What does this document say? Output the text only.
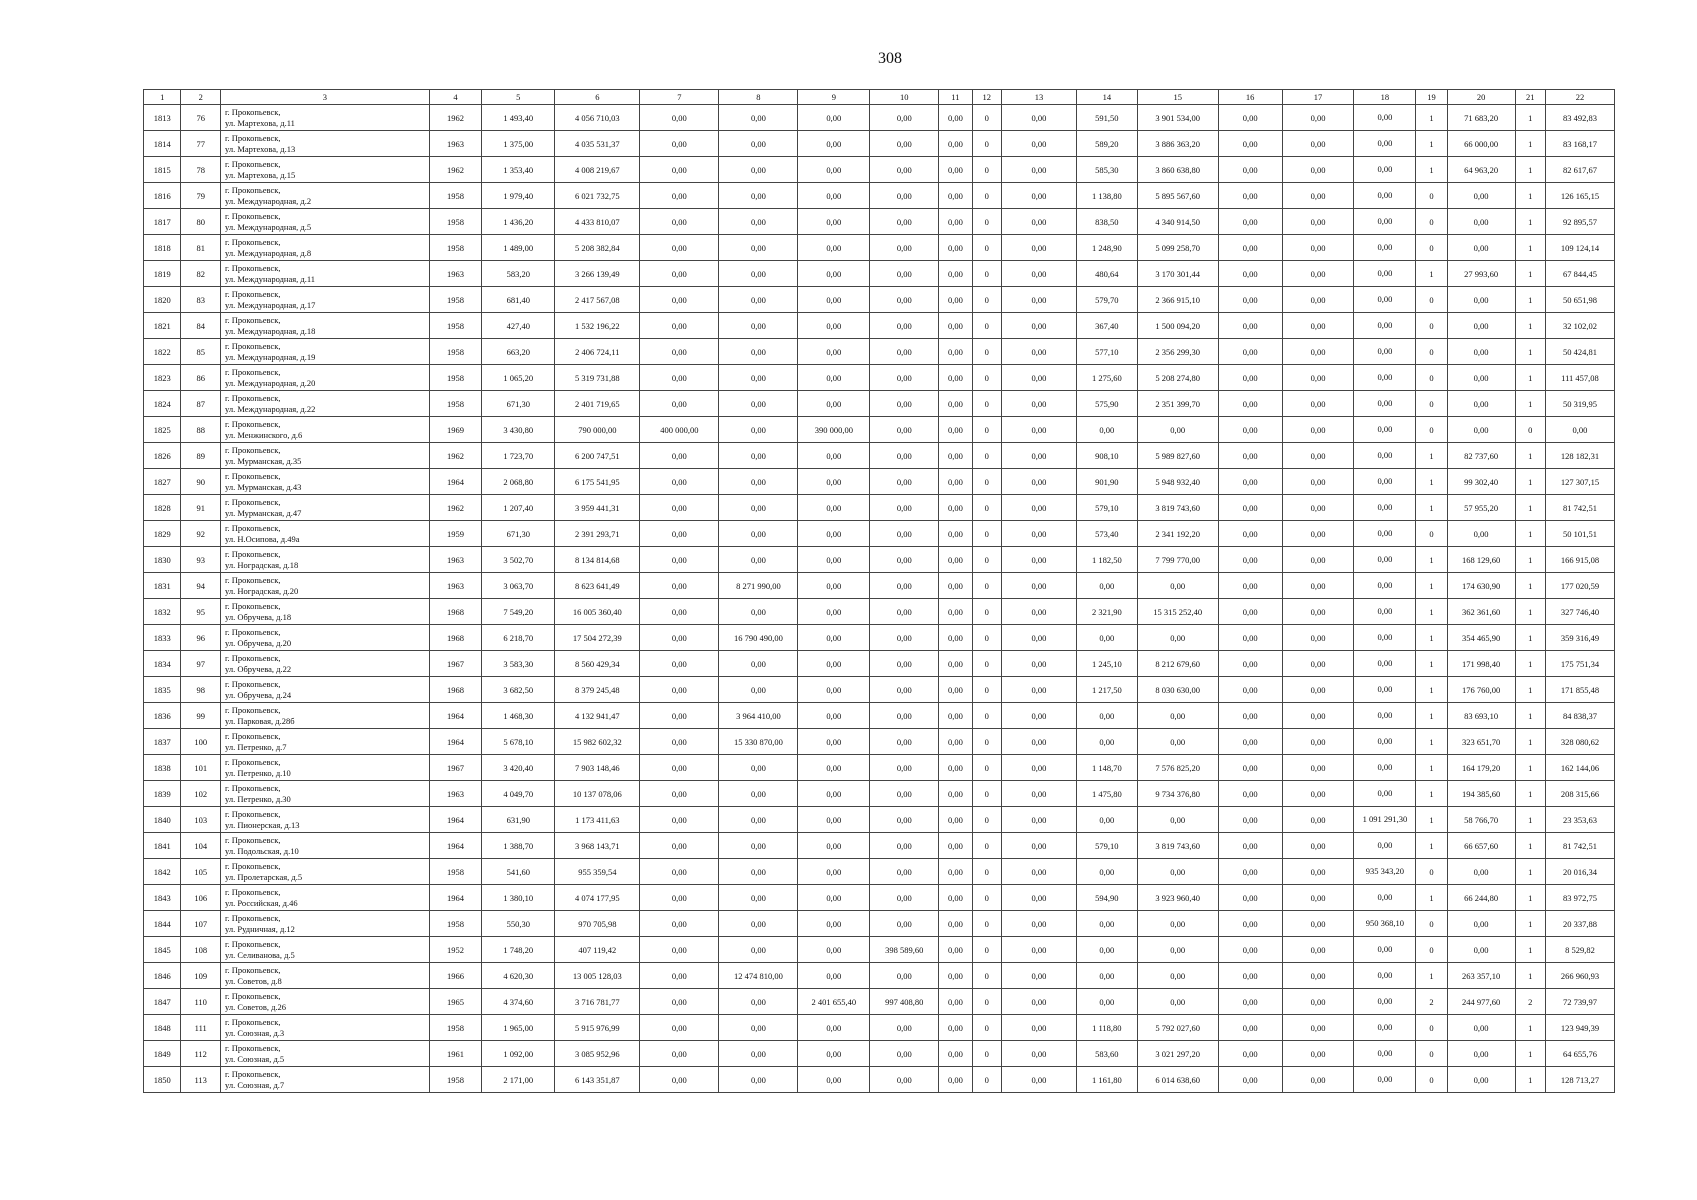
308
1	2	3	4	5	6	7	8	9	10	11	12	13	14	15	16	17	18	19	20	21	22
1813	76	г. Прокопьевск,
ул. Мартехова, д.11	1962	1 493,40	4 056 710,03	0,00	0,00	0,00	0,00	0,00	0	0,00	591,50	3 901 534,00	0,00	0,00	0,00	1	71 683,20	1	83 492,83
1814	77	г. Прокопьевск,
ул. Мартехова, д.13	1963	1 375,00	4 035 531,37	0,00	0,00	0,00	0,00	0,00	0	0,00	589,20	3 886 363,20	0,00	0,00	0,00	1	66 000,00	1	83 168,17
1815	78	г. Прокопьевск,
ул. Мартехова, д.15	1962	1 353,40	4 008 219,67	0,00	0,00	0,00	0,00	0,00	0	0,00	585,30	3 860 638,80	0,00	0,00	0,00	1	64 963,20	1	82 617,67
1816	79	г. Прокопьевск,
ул. Международная, д.2	1958	1 979,40	6 021 732,75	0,00	0,00	0,00	0,00	0,00	0	0,00	1 138,80	5 895 567,60	0,00	0,00	0,00	0	0,00	1	126 165,15
1817	80	г. Прокопьевск,
ул. Международная, д.5	1958	1 436,20	4 433 810,07	0,00	0,00	0,00	0,00	0,00	0	0,00	838,50	4 340 914,50	0,00	0,00	0,00	0	0,00	1	92 895,57
1818	81	г. Прокопьевск,
ул. Международная, д.8	1958	1 489,00	5 208 382,84	0,00	0,00	0,00	0,00	0,00	0	0,00	1 248,90	5 099 258,70	0,00	0,00	0,00	0	0,00	1	109 124,14
1819	82	г. Прокопьевск,
ул. Международная, д.11	1963	583,20	3 266 139,49	0,00	0,00	0,00	0,00	0,00	0	0,00	480,64	3 170 301,44	0,00	0,00	0,00	1	27 993,60	1	67 844,45
1820	83	г. Прокопьевск,
ул. Международная, д.17	1958	681,40	2 417 567,08	0,00	0,00	0,00	0,00	0,00	0	0,00	579,70	2 366 915,10	0,00	0,00	0,00	0	0,00	1	50 651,98
1821	84	г. Прокопьевск,
ул. Международная, д.18	1958	427,40	1 532 196,22	0,00	0,00	0,00	0,00	0,00	0	0,00	367,40	1 500 094,20	0,00	0,00	0,00	0	0,00	1	32 102,02
1822	85	г. Прокопьевск,
ул. Международная, д.19	1958	663,20	2 406 724,11	0,00	0,00	0,00	0,00	0,00	0	0,00	577,10	2 356 299,30	0,00	0,00	0,00	0	0,00	1	50 424,81
1823	86	г. Прокопьевск,
ул. Международная, д.20	1958	1 065,20	5 319 731,88	0,00	0,00	0,00	0,00	0,00	0	0,00	1 275,60	5 208 274,80	0,00	0,00	0,00	0	0,00	1	111 457,08
1824	87	г. Прокопьевск,
ул. Международная, д.22	1958	671,30	2 401 719,65	0,00	0,00	0,00	0,00	0,00	0	0,00	575,90	2 351 399,70	0,00	0,00	0,00	0	0,00	1	50 319,95
1825	88	г. Прокопьевск,
ул. Менжинского, д.6	1969	3 430,80	790 000,00	400 000,00	0,00	390 000,00	0,00	0,00	0	0,00	0,00	0,00	0,00	0,00	0,00	0	0,00	0	0,00
1826	89	г. Прокопьевск,
ул. Мурманская, д.35	1962	1 723,70	6 200 747,51	0,00	0,00	0,00	0,00	0,00	0	0,00	908,10	5 989 827,60	0,00	0,00	0,00	1	82 737,60	1	128 182,31
1827	90	г. Прокопьевск,
ул. Мурманская, д.43	1964	2 068,80	6 175 541,95	0,00	0,00	0,00	0,00	0,00	0	0,00	901,90	5 948 932,40	0,00	0,00	0,00	1	99 302,40	1	127 307,15
1828	91	г. Прокопьевск,
ул. Мурманская, д.47	1962	1 207,40	3 959 441,31	0,00	0,00	0,00	0,00	0,00	0	0,00	579,10	3 819 743,60	0,00	0,00	0,00	1	57 955,20	1	81 742,51
1829	92	г. Прокопьевск,
ул. Н.Осипова, д.49а	1959	671,30	2 391 293,71	0,00	0,00	0,00	0,00	0,00	0	0,00	573,40	2 341 192,20	0,00	0,00	0,00	0	0,00	1	50 101,51
1830	93	г. Прокопьевск,
ул. Ноградская, д.18	1963	3 502,70	8 134 814,68	0,00	0,00	0,00	0,00	0,00	0	0,00	1 182,50	7 799 770,00	0,00	0,00	0,00	1	168 129,60	1	166 915,08
1831	94	г. Прокопьевск,
ул. Ноградская, д.20	1963	3 063,70	8 623 641,49	0,00	8 271 990,00	0,00	0,00	0,00	0	0,00	0,00	0,00	0,00	0,00	0,00	1	174 630,90	1	177 020,59
1832	95	г. Прокопьевск,
ул. Обручева, д.18	1968	7 549,20	16 005 360,40	0,00	0,00	0,00	0,00	0,00	0	0,00	2 321,90	15 315 252,40	0,00	0,00	0,00	1	362 361,60	1	327 746,40
1833	96	г. Прокопьевск,
ул. Обручева, д.20	1968	6 218,70	17 504 272,39	0,00	16 790 490,00	0,00	0,00	0,00	0	0,00	0,00	0,00	0,00	0,00	0,00	1	354 465,90	1	359 316,49
1834	97	г. Прокопьевск,
ул. Обручева, д.22	1967	3 583,30	8 560 429,34	0,00	0,00	0,00	0,00	0,00	0	0,00	1 245,10	8 212 679,60	0,00	0,00	0,00	1	171 998,40	1	175 751,34
1835	98	г. Прокопьевск,
ул. Обручева, д.24	1968	3 682,50	8 379 245,48	0,00	0,00	0,00	0,00	0,00	0	0,00	1 217,50	8 030 630,00	0,00	0,00	0,00	1	176 760,00	1	171 855,48
1836	99	г. Прокопьевск,
ул. Парковая, д.28б	1964	1 468,30	4 132 941,47	0,00	3 964 410,00	0,00	0,00	0,00	0	0,00	0,00	0,00	0,00	0,00	0,00	1	83 693,10	1	84 838,37
1837	100	г. Прокопьевск,
ул. Петренко, д.7	1964	5 678,10	15 982 602,32	0,00	15 330 870,00	0,00	0,00	0,00	0	0,00	0,00	0,00	0,00	0,00	0,00	1	323 651,70	1	328 080,62
1838	101	г. Прокопьевск,
ул. Петренко, д.10	1967	3 420,40	7 903 148,46	0,00	0,00	0,00	0,00	0,00	0	0,00	1 148,70	7 576 825,20	0,00	0,00	0,00	1	164 179,20	1	162 144,06
1839	102	г. Прокопьевск,
ул. Петренко, д.30	1963	4 049,70	10 137 078,06	0,00	0,00	0,00	0,00	0,00	0	0,00	1 475,80	9 734 376,80	0,00	0,00	0,00	1	194 385,60	1	208 315,66
1840	103	г. Прокопьевск,
ул. Пионерская, д.13	1964	631,90	1 173 411,63	0,00	0,00	0,00	0,00	0,00	0	0,00	0,00	0,00	0,00	0,00	1 091 291,30	1	58 766,70	1	23 353,63
1841	104	г. Прокопьевск,
ул. Подольская, д.10	1964	1 388,70	3 968 143,71	0,00	0,00	0,00	0,00	0,00	0	0,00	579,10	3 819 743,60	0,00	0,00	0,00	1	66 657,60	1	81 742,51
1842	105	г. Прокопьевск,
ул. Пролетарская, д.5	1958	541,60	955 359,54	0,00	0,00	0,00	0,00	0,00	0	0,00	0,00	0,00	0,00	0,00	935 343,20	0	0,00	1	20 016,34
1843	106	г. Прокопьевск,
ул. Российская, д.46	1964	1 380,10	4 074 177,95	0,00	0,00	0,00	0,00	0,00	0	0,00	594,90	3 923 960,40	0,00	0,00	0,00	1	66 244,80	1	83 972,75
1844	107	г. Прокопьевск,
ул. Рудничная, д.12	1958	550,30	970 705,98	0,00	0,00	0,00	0,00	0,00	0	0,00	0,00	0,00	0,00	0,00	950 368,10	0	0,00	1	20 337,88
1845	108	г. Прокопьевск,
ул. Селиванова, д.5	1952	1 748,20	407 119,42	0,00	0,00	0,00	398 589,60	0,00	0	0,00	0,00	0,00	0,00	0,00	0,00	0	0,00	1	8 529,82
1846	109	г. Прокопьевск,
ул. Советов, д.8	1966	4 620,30	13 005 128,03	0,00	12 474 810,00	0,00	0,00	0,00	0	0,00	0,00	0,00	0,00	0,00	0,00	1	263 357,10	1	266 960,93
1847	110	г. Прокопьевск,
ул. Советов, д.26	1965	4 374,60	3 716 781,77	0,00	0,00	2 401 655,40	997 408,80	0,00	0	0,00	0,00	0,00	0,00	0,00	0,00	2	244 977,60	2	72 739,97
1848	111	г. Прокопьевск,
ул. Союзная, д.3	1958	1 965,00	5 915 976,99	0,00	0,00	0,00	0,00	0,00	0	0,00	1 118,80	5 792 027,60	0,00	0,00	0,00	0	0,00	1	123 949,39
1849	112	г. Прокопьевск,
ул. Союзная, д.5	1961	1 092,00	3 085 952,96	0,00	0,00	0,00	0,00	0,00	0	0,00	583,60	3 021 297,20	0,00	0,00	0,00	0	0,00	1	64 655,76
1850	113	г. Прокопьевск,
ул. Союзная, д.7	1958	2 171,00	6 143 351,87	0,00	0,00	0,00	0,00	0,00	0	0,00	1 161,80	6 014 638,60	0,00	0,00	0,00	0	0,00	1	128 713,27
